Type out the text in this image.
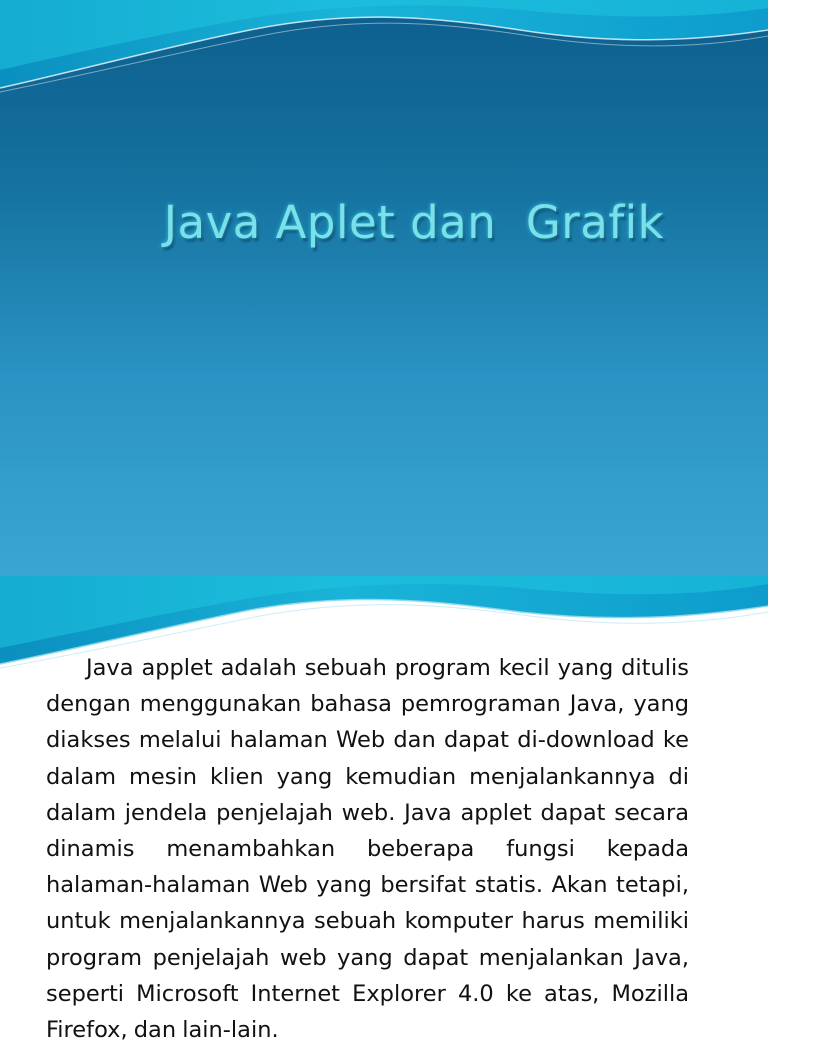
Java Aplet dan  Grafik

Java applet adalah sebuah program kecil yang ditulis dengan menggunakan bahasa pemrograman Java, yang diakses melalui halaman Web dan dapat di-download ke dalam mesin klien yang kemudian menjalankannya di dalam jendela penjelajah web. Java applet dapat secara dinamis menambahkan beberapa fungsi kepada halaman-halaman Web yang bersifat statis. Akan tetapi, untuk menjalankannya sebuah komputer harus memiliki program penjelajah web yang dapat menjalankan Java, seperti Microsoft Internet Explorer 4.0 ke atas, Mozilla Firefox, dan lain-lain.
